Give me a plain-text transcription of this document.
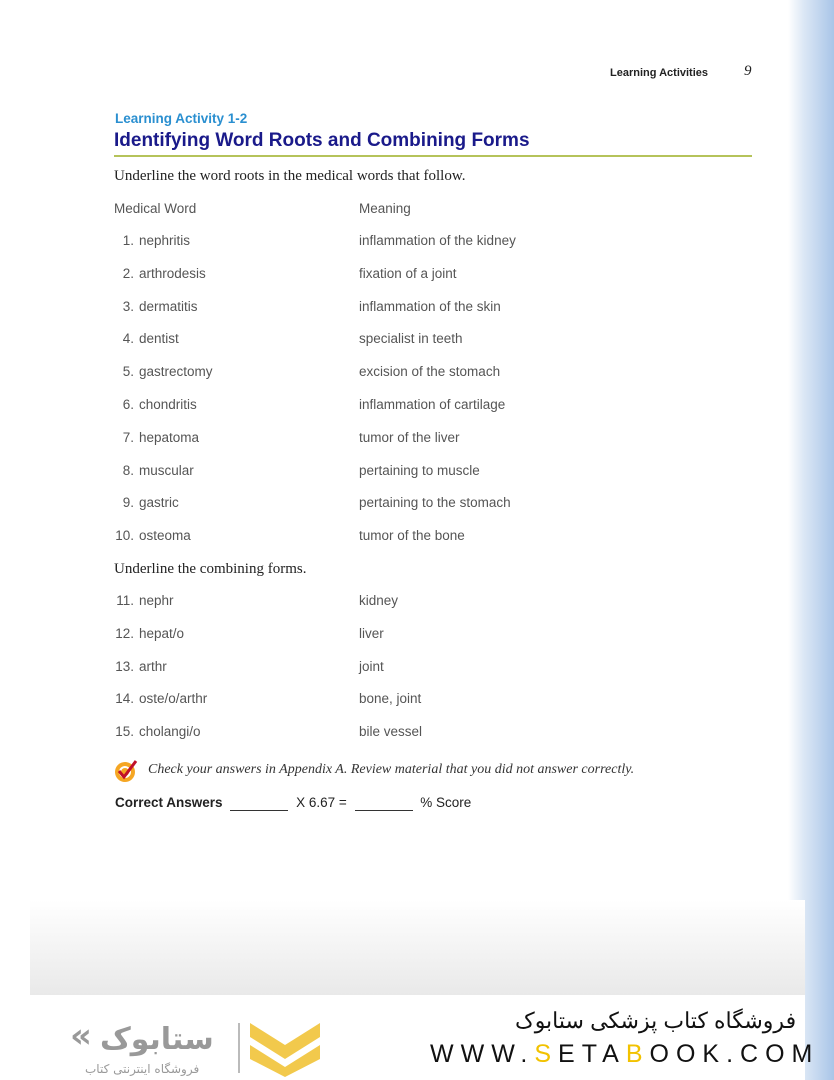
Learning Activities 9
Learning Activity 1-2
Identifying Word Roots and Combining Forms
Underline the word roots in the medical words that follow.
Medical Word	Meaning
1. nephritis	inflammation of the kidney
2. arthrodesis	fixation of a joint
3. dermatitis	inflammation of the skin
4. dentist	specialist in teeth
5. gastrectomy	excision of the stomach
6. chondritis	inflammation of cartilage
7. hepatoma	tumor of the liver
8. muscular	pertaining to muscle
9. gastric	pertaining to the stomach
10. osteoma	tumor of the bone
Underline the combining forms.
11. nephr	kidney
12. hepat/o	liver
13. arthr	joint
14. oste/o/arthr	bone, joint
15. cholangi/o	bile vessel
Check your answers in Appendix A. Review material that you did not answer correctly.
Correct Answers	X 6.67 =	% Score
« ستابوک
فروشگاه اینترنتی کتاب
فروشگاه کتاب پزشکی ستابوک
WWW.SETABOOK.COM
